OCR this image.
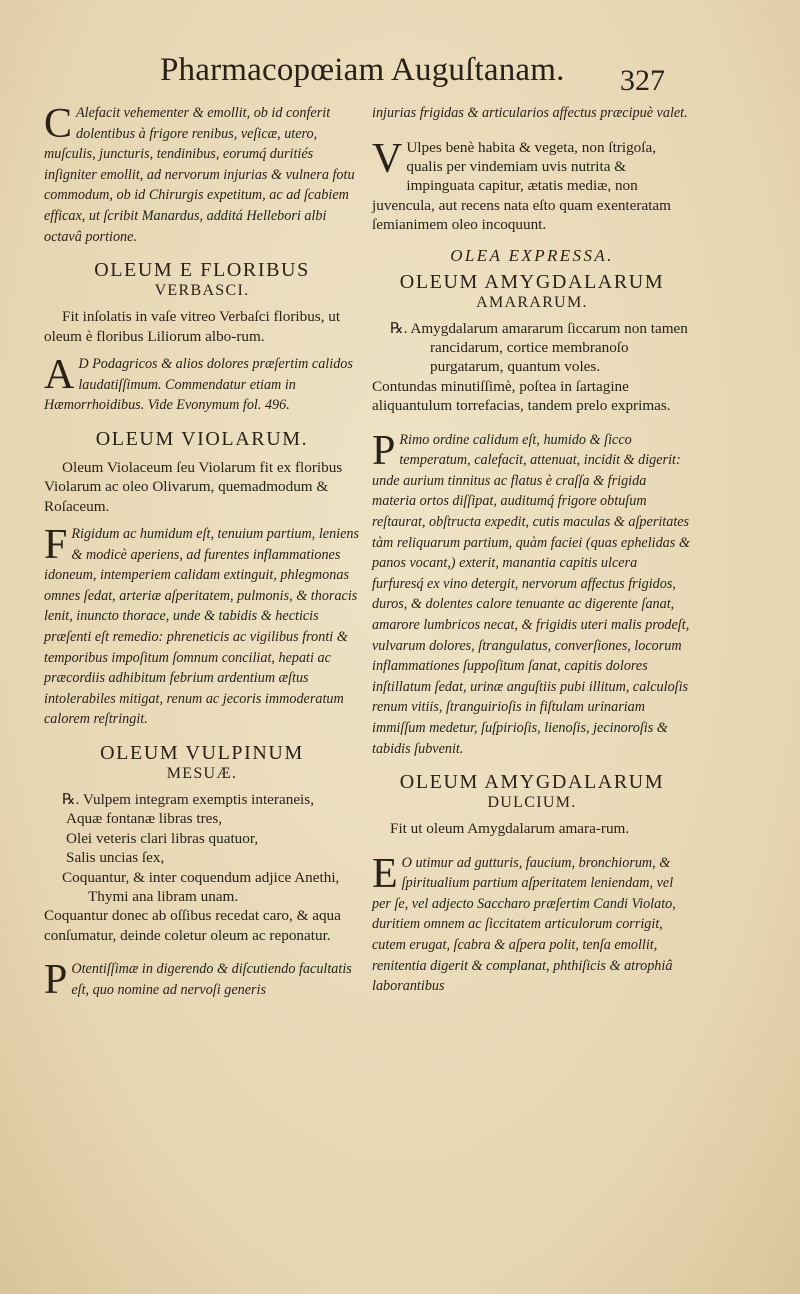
Pharmacopœiam Auguſtanam.	327

C Alefacit vehementer & emollit, ob id conferit dolentibus à frigore renibus, veſicæ, utero, muſculis, juncturis, tendinibus, eorumq́ duritiés inſigniter emollit, ad nervorum injurias & vulnera fotu commodum, ob id Chirurgis expetitum, ac ad ſcabiem efficax, ut ſcribit Manardus, additá Hellebori albi octavâ portione.

OLEUM E FLORIBUS
VERBASCI.

Fit inſolatis in vaſe vitreo Verbaſci floribus, ut oleum è floribus Liliorum albo-rum.

A D Podagricos & alios dolores præſertim calidos laudatiſſimum. Commendatur etiam in Hæmorrhoidibus. Vide Evonymum fol. 496.

OLEUM VIOLARUM.

Oleum Violaceum ſeu Violarum fit ex floribus Violarum ac oleo Olivarum, quemadmodum & Roſaceum.

F Rigidum ac humidum eſt, tenuium partium, leniens & modicè aperiens, ad furentes inflammationes idoneum, intemperiem calidam extinguit, phlegmonas omnes ſedat, arteriæ aſperitatem, pulmonis, & thoracis lenit, inuncto thorace, unde & tabidis & hecticis præſenti eſt remedio: phreneticis ac vigilibus fronti & temporibus impoſitum ſomnum conciliat, hepati ac præcordiis adhibitum febrium ardentium æſtus intolerabiles mitigat, renum ac jecoris immoderatum calorem reſtringit.

OLEUM VULPINUM
MESUÆ.

℞. Vulpem integram exemptis interaneis,

Aquæ fontanæ libras tres,

Olei veteris clari libras quatuor,

Salis uncias ſex,

Coquantur, & inter coquendum adjice Anethi,

Thymi ana libram unam.

Coquantur donec ab oſſibus recedat caro, & aqua conſumatur, deinde coletur oleum ac reponatur.

P Otentiſſimæ in digerendo & diſcutiendo facultatis eſt, quo nomine ad nervoſi generis

injurias frigidas & articularios affectus præcipuè valet.

V Ulpes benè habita & vegeta, non ſtrigoſa, qualis per vindemiam uvis nutrita & impinguata capitur, ætatis mediæ, non juvencula, aut recens nata eſto quam exenteratam ſemianimem oleo incoquunt.

OLEA EXPRESSA.
OLEUM AMYGDALARUM
AMARARUM.

℞. Amygdalarum amararum ſiccarum non tamen rancidarum, cortice membranoſo purgatarum, quantum voles.

Contundas minutiſſimè, poſtea in ſartagine aliquantulum torrefacias, tandem prelo exprimas.

P Rimo ordine calidum eſt, humido & ſicco temperatum, calefacit, attenuat, incidit & digerit: unde aurium tinnitus ac flatus è craſſa & frigida materia ortos diſſipat, auditumq́ frigore obtuſum reſtaurat, obſtructa expedit, cutis maculas & aſperitates tàm reliquarum partium, quàm faciei (quas ephelidas & panos vocant,) exterit, manantia capitis ulcera furfuresq́ ex vino detergit, nervorum affectus frigidos, duros, & dolentes calore tenuante ac digerente ſanat, amarore lumbricos necat, & frigidis uteri malis prodeſt, vulvarum dolores, ſtrangulatus, converſiones, locorum inflammationes ſuppoſitum ſanat, capitis dolores inſtillatum ſedat, urinæ anguſtiis pubi illitum, calculoſis renum vitiis, ſtranguirioſis in fiſtulam urinariam immiſſum medetur, ſuſpirioſis, lienoſis, jecinoroſis & tabidis ſubvenit.

OLEUM AMYGDALARUM
DULCIUM.

Fit ut oleum Amygdalarum amara-rum.

E O utimur ad gutturis, faucium, bronchiorum, & ſpiritualium partium aſperitatem leniendam, vel per ſe, vel adjecto Saccharo præſertim Candi Violato, duritiem omnem ac ſiccitatem articulorum corrigit, cutem erugat, ſcabra & aſpera polit, tenſa emollit, renitentia digerit & complanat, phthiſicis & atrophiâ laborantibus
